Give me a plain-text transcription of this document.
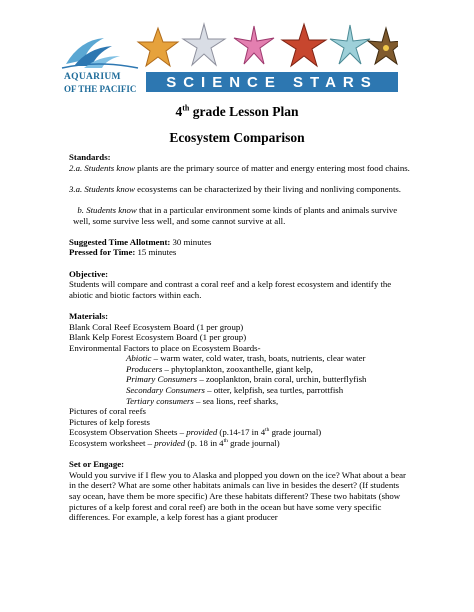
AQUARIUM
OF THE PACIFIC SCIENCE STARS
4th grade Lesson Plan
Ecosystem Comparison

Standards:

2.a. Students know plants are the primary source of matter and energy entering most food chains.

3.a. Students know ecosystems can be characterized by their living and nonliving components.

b. Students know that in a particular environment some kinds of plants and animals survive well, some survive less well, and some cannot survive at all.

Suggested Time Allotment: 30 minutes

Pressed for Time: 15 minutes

Objective:

Students will compare and contrast a coral reef and a kelp forest ecosystem and identify the abiotic and biotic factors within each.

Materials:

Blank Coral Reef Ecosystem Board (1 per group)

Blank Kelp Forest Ecosystem Board (1 per group)

Environmental Factors to place on Ecosystem Boards-

Abiotic – warm water, cold water, trash, boats, nutrients, clear water

Producers – phytoplankton, zooxanthelle, giant kelp,

Primary Consumers – zooplankton, brain coral, urchin, butterflyfish

Secondary Consumers – otter, kelpfish, sea turtles, parrottfish

Tertiary consumers – sea lions, reef sharks,

Pictures of coral reefs

Pictures of kelp forests

Ecosystem Observation Sheets – provided (p.14-17 in 4th grade journal)

Ecosystem worksheet – provided (p. 18 in 4th grade journal)

Set or Engage:

Would you survive if I flew you to Alaska and plopped you down on the ice? What about a bear in the desert? What are some other habitats animals can live in besides the desert? (If students say ocean, have them be more specific) Are these habitats different? These two habitats (show pictures of a kelp forest and coral reef) are both in the ocean but have some very specific differences. For example, a kelp forest has a giant producer
